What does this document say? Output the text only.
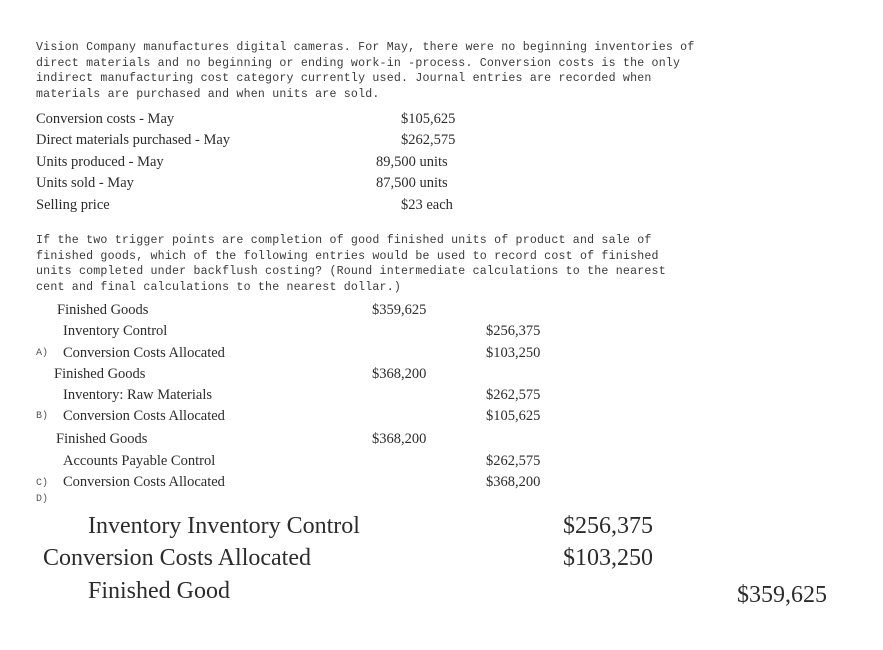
Vision Company manufactures digital cameras. For May, there were no beginning inventories of
direct materials and no beginning or ending work-in -process. Conversion costs is the only
indirect manufacturing cost category currently used. Journal entries are recorded when
materials are purchased and when units are sold.
Conversion costs - May	$105,625
Direct materials purchased - May	$262,575
Units produced - May	89,500 units
Units sold - May	87,500 units
Selling price	$23 each
If the two trigger points are completion of good finished units of product and sale of
finished goods, which of the following entries would be used to record cost of finished
units completed under backflush costing? (Round intermediate calculations to the nearest
cent and final calculations to the nearest dollar.)
Finished Goods	$359,625
Inventory Control	$256,375
A) Conversion Costs Allocated	$103,250
Finished Goods	$368,200
Inventory: Raw Materials	$262,575
B) Conversion Costs Allocated	$105,625
Finished Goods	$368,200
Accounts Payable Control	$262,575
C) Conversion Costs Allocated	$368,200
D)
Inventory Inventory Control	$256,375
Conversion Costs Allocated	$103,250
Finished Good	$359,625
